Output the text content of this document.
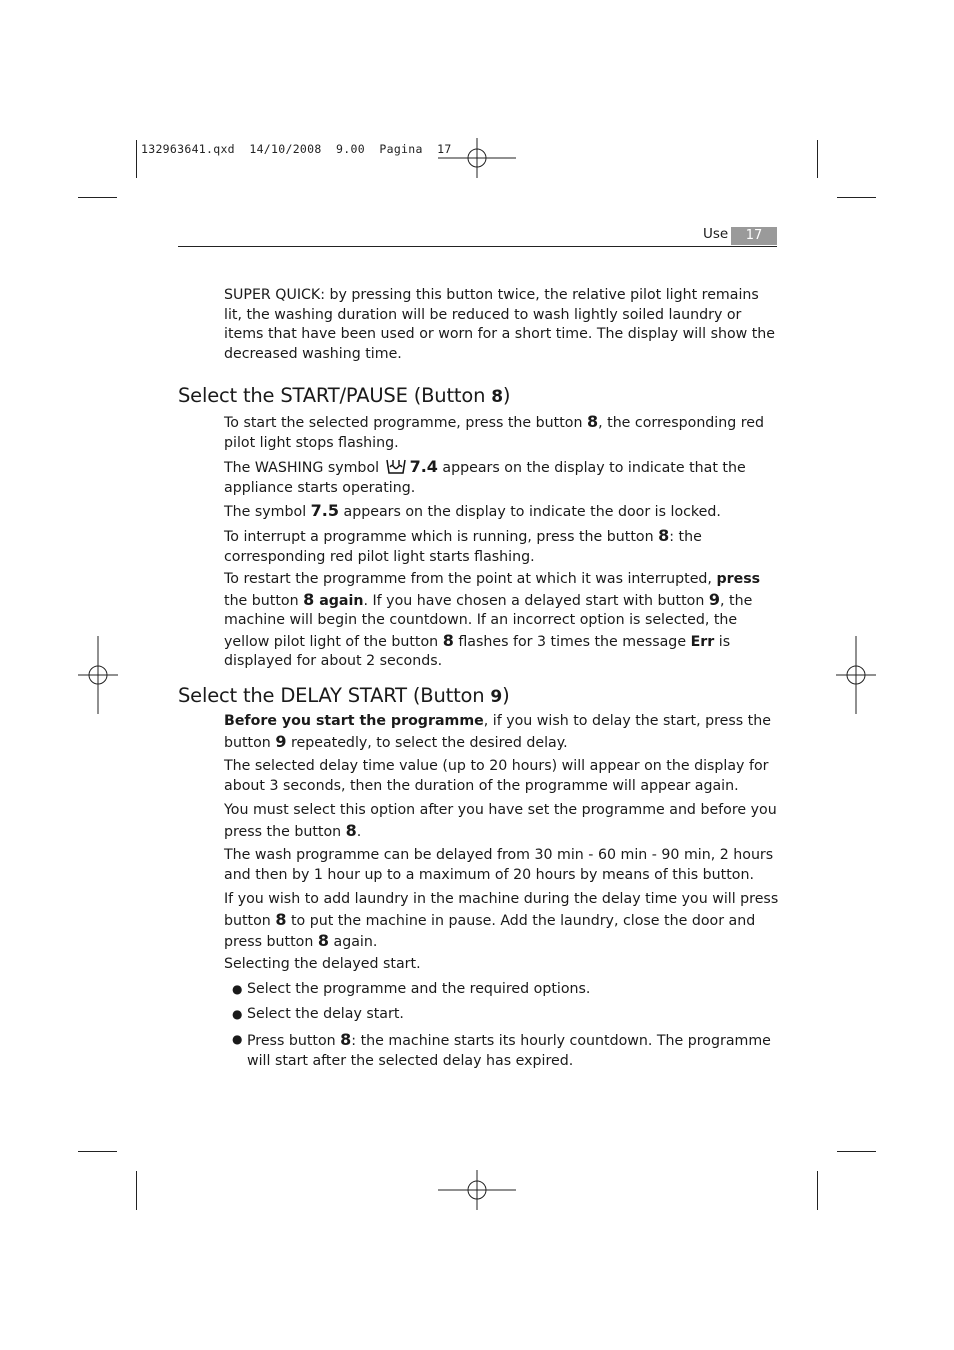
132963641.qxd  14/10/2008  9.00  Pagina  17
Use	17

SUPER QUICK: by pressing this button twice, the relative pilot light remains lit, the washing duration will be reduced to wash lightly soiled laundry or items that have been used or worn for a short time. The display will show the decreased washing time.

Select the START/PAUSE (Button 8)

To start the selected programme, press the button 8, the corresponding red pilot light stops flashing.

The WASHING symbol 7.4 appears on the display to indicate that the appliance starts operating.

The symbol 7.5 appears on the display to indicate the door is locked.

To interrupt a programme which is running, press the button 8: the corresponding red pilot light starts flashing.

To restart the programme from the point at which it was interrupted, press the button 8 again. If you have chosen a delayed start with button 9, the machine will begin the countdown. If an incorrect option is selected, the yellow pilot light of the button 8 flashes for 3 times the message Err is displayed for about 2 seconds.

Select the DELAY START (Button 9)

Before you start the programme, if you wish to delay the start, press the button 9 repeatedly, to select the desired delay.

The selected delay time value (up to 20 hours) will appear on the display for about 3 seconds, then the duration of the programme will appear again.

You must select this option after you have set the programme and before you press the button 8.

The wash programme can be delayed from 30 min - 60 min - 90 min, 2 hours and then by 1 hour up to a maximum of 20 hours by means of this button.

If you wish to add laundry in the machine during the delay time you will press button 8 to put the machine in pause. Add the laundry, close the door and press button 8 again.

Selecting the delayed start.

● Select the programme and the required options.
● Select the delay start.
● Press button 8: the machine starts its hourly countdown. The programme will start after the selected delay has expired.
